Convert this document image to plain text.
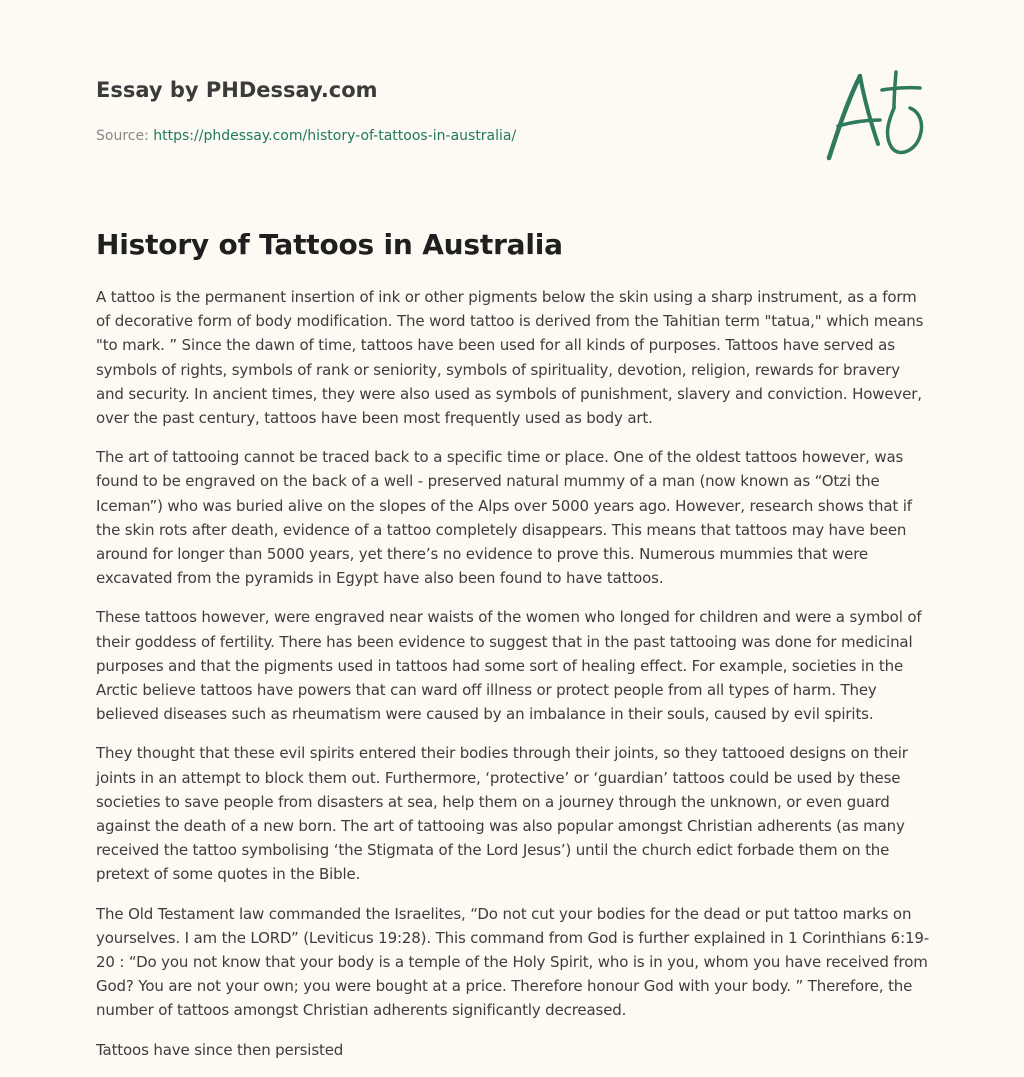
Essay by PHDessay.com
Source: https://phdessay.com/history-of-tattoos-in-australia/
History of Tattoos in Australia

A tattoo is the permanent insertion of ink or other pigments below the skin using a sharp instrument, as a form of decorative form of body modification. The word tattoo is derived from the Tahitian term "tatua," which means "to mark. ” Since the dawn of time, tattoos have been used for all kinds of purposes. Tattoos have served as symbols of rights, symbols of rank or seniority, symbols of spirituality, devotion, religion, rewards for bravery and security. In ancient times, they were also used as symbols of punishment, slavery and conviction. However, over the past century, tattoos have been most frequently used as body art.

The art of tattooing cannot be traced back to a specific time or place. One of the oldest tattoos however, was found to be engraved on the back of a well - preserved natural mummy of a man (now known as “Otzi the Iceman”) who was buried alive on the slopes of the Alps over 5000 years ago. However, research shows that if the skin rots after death, evidence of a tattoo completely disappears. This means that tattoos may have been around for longer than 5000 years, yet there’s no evidence to prove this. Numerous mummies that were excavated from the pyramids in Egypt have also been found to have tattoos.

These tattoos however, were engraved near waists of the women who longed for children and were a symbol of their goddess of fertility. There has been evidence to suggest that in the past tattooing was done for medicinal purposes and that the pigments used in tattoos had some sort of healing effect. For example, societies in the Arctic believe tattoos have powers that can ward off illness or protect people from all types of harm. They believed diseases such as rheumatism were caused by an imbalance in their souls, caused by evil spirits.

They thought that these evil spirits entered their bodies through their joints, so they tattooed designs on their joints in an attempt to block them out. Furthermore, ‘protective’ or ‘guardian’ tattoos could be used by these societies to save people from disasters at sea, help them on a journey through the unknown, or even guard against the death of a new born. The art of tattooing was also popular amongst Christian adherents (as many received the tattoo symbolising ‘the Stigmata of the Lord Jesus’) until the church edict forbade them on the pretext of some quotes in the Bible.

The Old Testament law commanded the Israelites, “Do not cut your bodies for the dead or put tattoo marks on yourselves. I am the LORD” (Leviticus 19:28). This command from God is further explained in 1 Corinthians 6:19-20 : “Do you not know that your body is a temple of the Holy Spirit, who is in you, whom you have received from God? You are not your own; you were bought at a price. Therefore honour God with your body. ” Therefore, the number of tattoos amongst Christian adherents significantly decreased.

Tattoos have since then persisted
